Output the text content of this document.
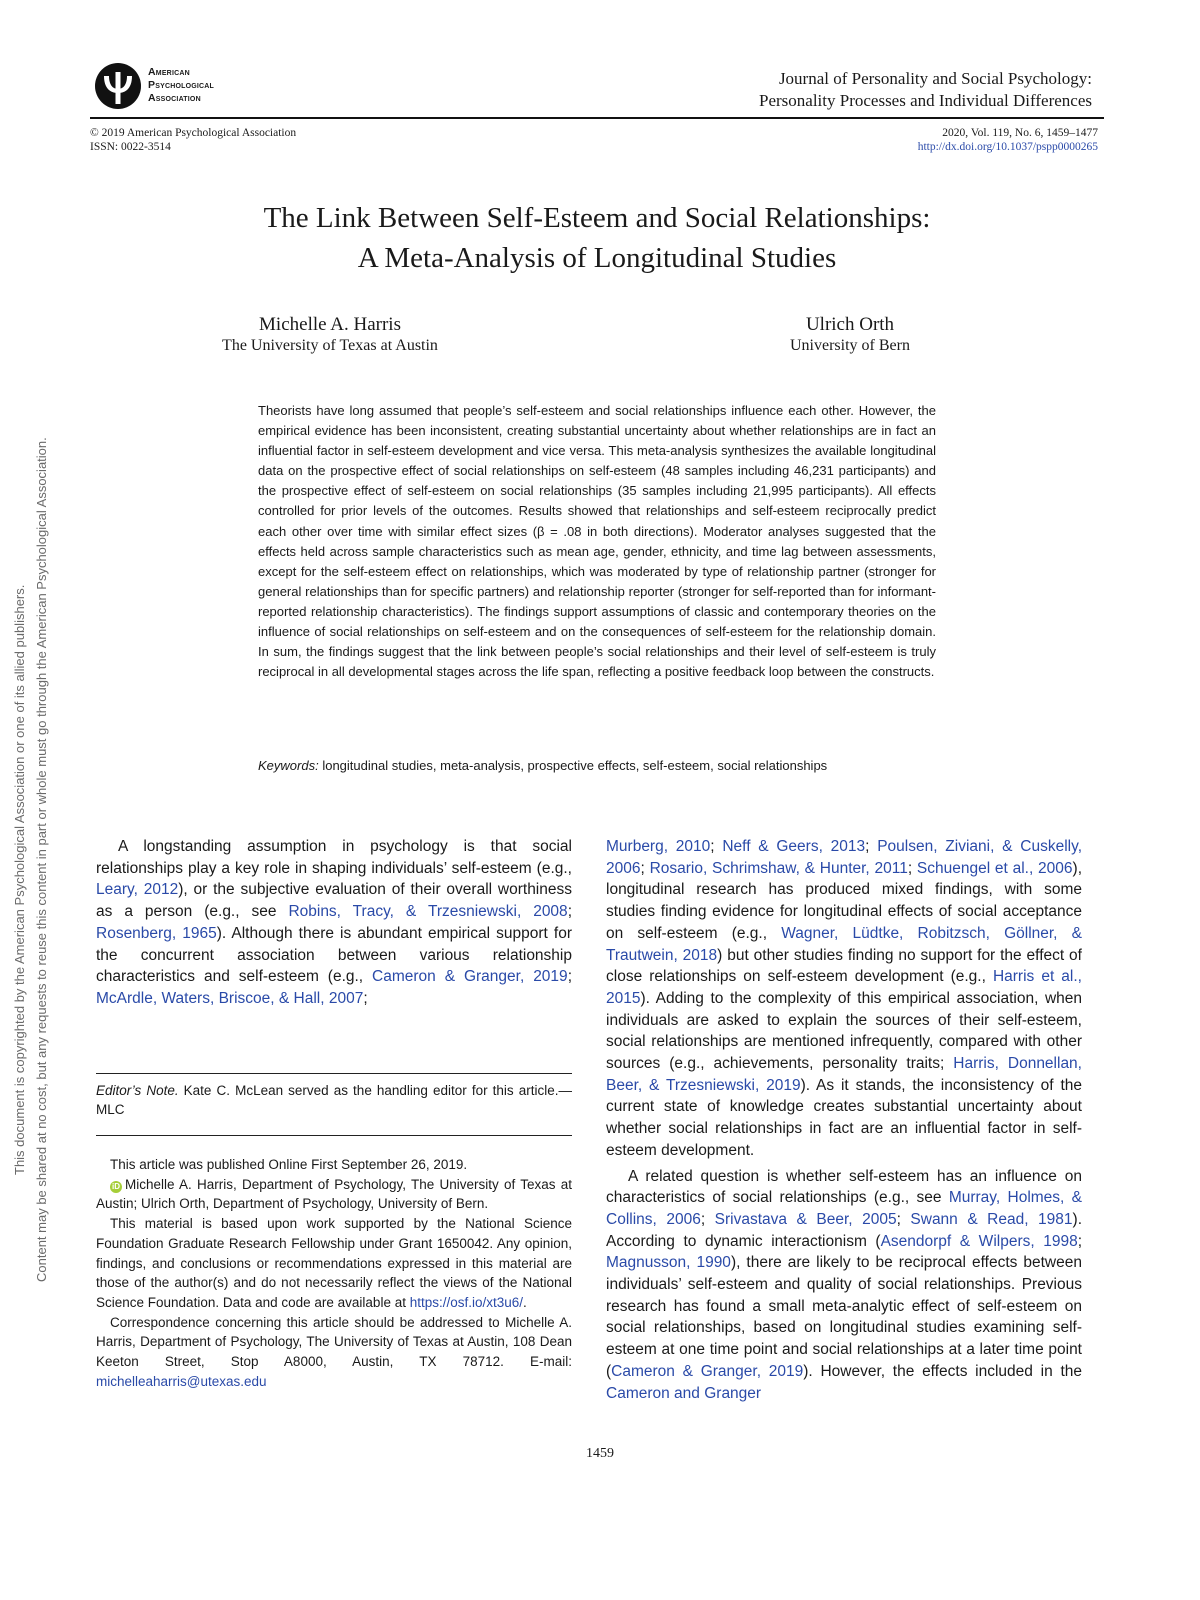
This document is copyrighted by the American Psychological Association or one of its allied publishers. Content may be shared at no cost, but any requests to reuse this content in part or whole must go through the American Psychological Association.
American
Psychological
Association
Journal of Personality and Social Psychology:
Personality Processes and Individual Differences
© 2019 American Psychological Association
ISSN: 0022-3514
2020, Vol. 119, No. 6, 1459–1477
http://dx.doi.org/10.1037/pspp0000265
The Link Between Self-Esteem and Social Relationships:
A Meta-Analysis of Longitudinal Studies
Michelle A. Harris
The University of Texas at Austin
Ulrich Orth
University of Bern
Theorists have long assumed that people’s self-esteem and social relationships influence each other. However, the empirical evidence has been inconsistent, creating substantial uncertainty about whether relationships are in fact an influential factor in self-esteem development and vice versa. This meta-analysis synthesizes the available longitudinal data on the prospective effect of social relationships on self-esteem (48 samples including 46,231 participants) and the prospective effect of self-esteem on social relationships (35 samples including 21,995 participants). All effects controlled for prior levels of the outcomes. Results showed that relationships and self-esteem reciprocally predict each other over time with similar effect sizes (β = .08 in both directions). Moderator analyses suggested that the effects held across sample characteristics such as mean age, gender, ethnicity, and time lag between assessments, except for the self-esteem effect on relationships, which was moderated by type of relationship partner (stronger for general relationships than for specific partners) and relationship reporter (stronger for self-reported than for informant-reported relationship characteristics). The findings support assumptions of classic and contemporary theories on the influence of social relationships on self-esteem and on the consequences of self-esteem for the relationship domain. In sum, the findings suggest that the link between people’s social relationships and their level of self-esteem is truly reciprocal in all developmental stages across the life span, reflecting a positive feedback loop between the constructs.
Keywords: longitudinal studies, meta-analysis, prospective effects, self-esteem, social relationships

A longstanding assumption in psychology is that social relationships play a key role in shaping individuals’ self-esteem (e.g., Leary, 2012), or the subjective evaluation of their overall worthiness as a person (e.g., see Robins, Tracy, & Trzesniewski, 2008; Rosenberg, 1965). Although there is abundant empirical support for the concurrent association between various relationship characteristics and self-esteem (e.g., Cameron & Granger, 2019; McArdle, Waters, Briscoe, & Hall, 2007;

Editor’s Note. Kate C. McLean served as the handling editor for this article.—MLC

This article was published Online First September 26, 2019.

iD Michelle A. Harris, Department of Psychology, The University of Texas at Austin; Ulrich Orth, Department of Psychology, University of Bern.

This material is based upon work supported by the National Science Foundation Graduate Research Fellowship under Grant 1650042. Any opinion, findings, and conclusions or recommendations expressed in this material are those of the author(s) and do not necessarily reflect the views of the National Science Foundation. Data and code are available at https://osf.io/xt3u6/.

Correspondence concerning this article should be addressed to Michelle A. Harris, Department of Psychology, The University of Texas at Austin, 108 Dean Keeton Street, Stop A8000, Austin, TX 78712. E-mail: michelleaharris@utexas.edu

Murberg, 2010; Neff & Geers, 2013; Poulsen, Ziviani, & Cuskelly, 2006; Rosario, Schrimshaw, & Hunter, 2011; Schuengel et al., 2006), longitudinal research has produced mixed findings, with some studies finding evidence for longitudinal effects of social acceptance on self-esteem (e.g., Wagner, Lüdtke, Robitzsch, Göllner, & Trautwein, 2018) but other studies finding no support for the effect of close relationships on self-esteem development (e.g., Harris et al., 2015). Adding to the complexity of this empirical association, when individuals are asked to explain the sources of their self-esteem, social relationships are mentioned infrequently, compared with other sources (e.g., achievements, personality traits; Harris, Donnellan, Beer, & Trzesniewski, 2019). As it stands, the inconsistency of the current state of knowledge creates substantial uncertainty about whether social relationships in fact are an influential factor in self-esteem development.

A related question is whether self-esteem has an influence on characteristics of social relationships (e.g., see Murray, Holmes, & Collins, 2006; Srivastava & Beer, 2005; Swann & Read, 1981). According to dynamic interactionism (Asendorpf & Wilpers, 1998; Magnusson, 1990), there are likely to be reciprocal effects between individuals’ self-esteem and quality of social relationships. Previous research has found a small meta-analytic effect of self-esteem on social relationships, based on longitudinal studies examining self-esteem at one time point and social relationships at a later time point (Cameron & Granger, 2019). However, the effects included in the Cameron and Granger

1459
